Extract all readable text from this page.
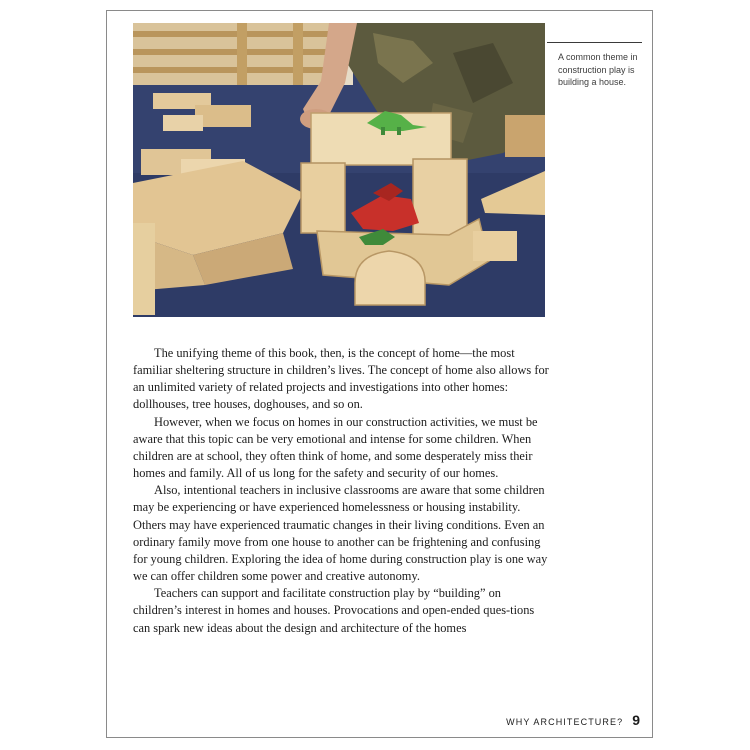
A common theme in construction play is building a house.

The unifying theme of this book, then, is the concept of home—the most familiar sheltering structure in children’s lives. The concept of home also allows for an unlimited variety of related projects and investigations into other homes: dollhouses, tree houses, doghouses, and so on.

However, when we focus on homes in our construction activities, we must be aware that this topic can be very emotional and intense for some children. When children are at school, they often think of home, and some desperately miss their homes and family. All of us long for the safety and security of our homes.

Also, intentional teachers in inclusive classrooms are aware that some children may be experiencing or have experienced homelessness or housing instability. Others may have experienced traumatic changes in their living conditions. Even an ordinary family move from one house to another can be frightening and confusing for young children. Exploring the idea of home during construction play is one way we can offer children some power and creative autonomy.

Teachers can support and facilitate construction play by “building” on children’s interest in homes and houses. Provocations and open-ended ques-tions can spark new ideas about the design and architecture of the homes

WHY ARCHITECTURE? 9
